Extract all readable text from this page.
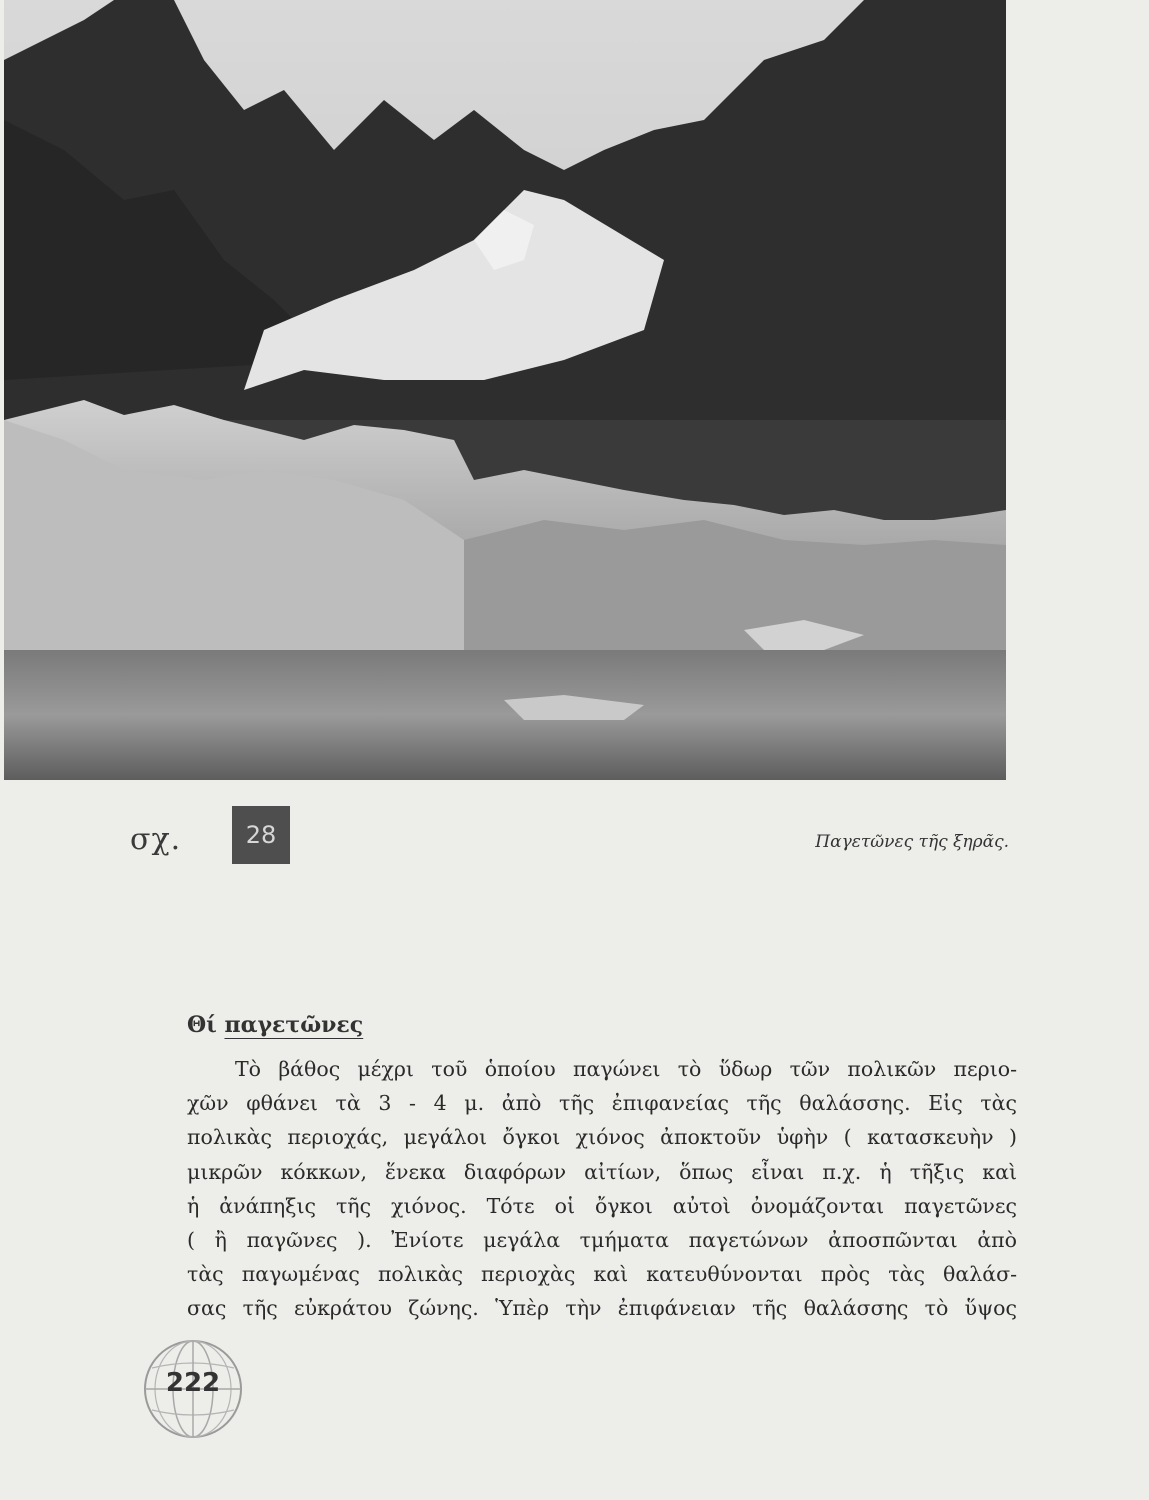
σχ.	28	Παγετῶνες τῆς ξηρᾶς.
Θί παγετῶνες
Τὸ βάθος μέχρι τοῦ ὁποίου παγώνει τὸ ὕδωρ τῶν πολικῶν περιο-
χῶν φθάνει τὰ 3 - 4 μ. ἀπὸ τῆς ἐπιφανείας τῆς θαλάσσης. Εἰς τὰς
πολικὰς περιοχάς, μεγάλοι ὄγκοι χιόνος ἀποκτοῦν ὑφὴν ( κατασκευὴν )
μικρῶν κόκκων, ἕνεκα διαφόρων αἰτίων, ὅπως εἶναι π.χ. ἡ τῆξις καὶ
ἡ ἀνάπηξις τῆς χιόνος. Τότε οἱ ὄγκοι αὐτοὶ ὀνομάζονται παγετῶνες
( ἢ παγῶνες ). Ἐνίοτε μεγάλα τμήματα παγετώνων ἀποσπῶνται ἀπὸ
τὰς παγωμένας πολικὰς περιοχὰς καὶ κατευθύνονται πρὸς τὰς θαλάσ-
σας τῆς εὐκράτου ζώνης. Ὑπὲρ τὴν ἐπιφάνειαν τῆς θαλάσσης τὸ ὕψος
222
